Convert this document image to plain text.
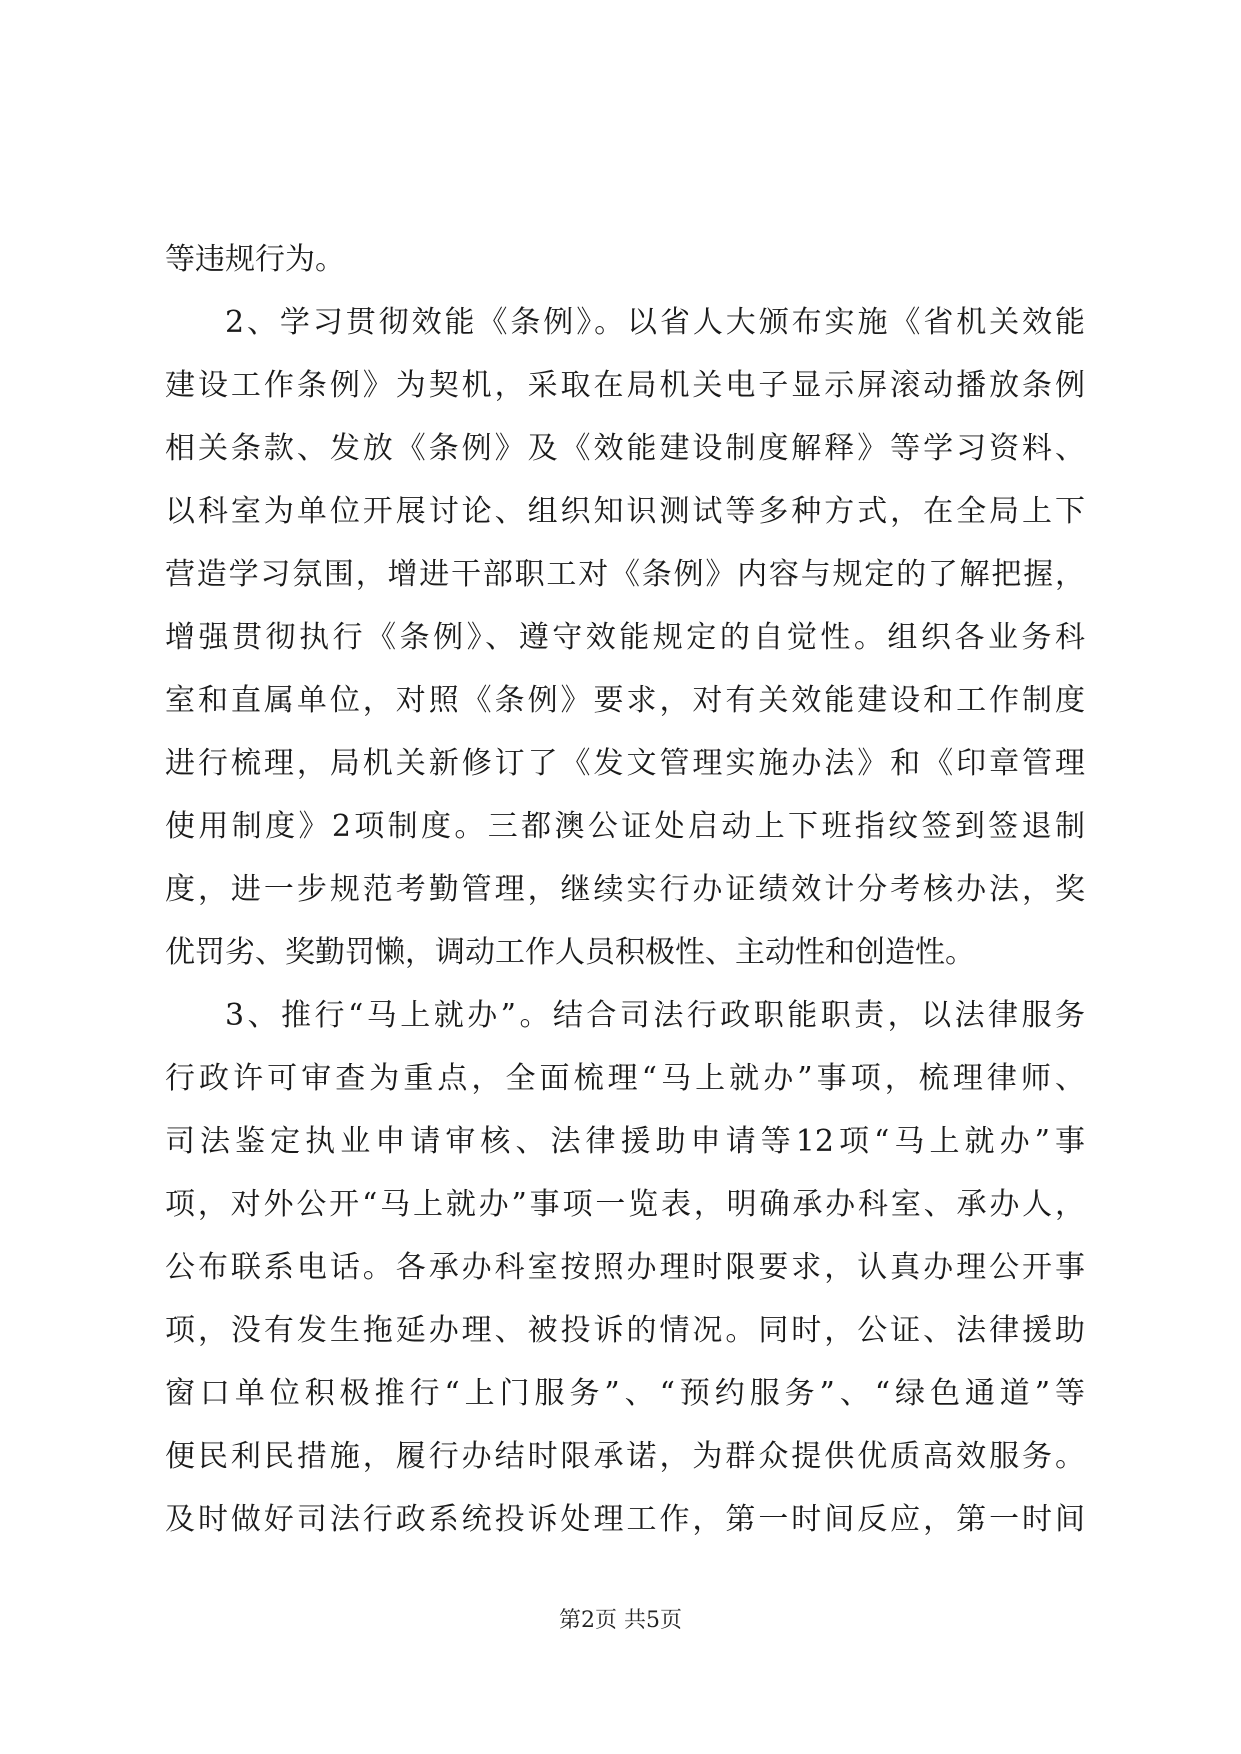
等违规行为。
2、学习贯彻效能《条例》。以省人大颁布实施《省机关效能
建设工作条例》为契机，采取在局机关电子显示屏滚动播放条例
相关条款、发放《条例》及《效能建设制度解释》等学习资料、
以科室为单位开展讨论、组织知识测试等多种方式，在全局上下
营造学习氛围，增进干部职工对《条例》内容与规定的了解把握，
增强贯彻执行《条例》、遵守效能规定的自觉性。组织各业务科
室和直属单位，对照《条例》要求，对有关效能建设和工作制度
进行梳理，局机关新修订了《发文管理实施办法》和《印章管理
使用制度》2项制度。三都澳公证处启动上下班指纹签到签退制
度，进一步规范考勤管理，继续实行办证绩效计分考核办法，奖
优罚劣、奖勤罚懒，调动工作人员积极性、主动性和创造性。
3、推行“马上就办”。结合司法行政职能职责，以法律服务
行政许可审查为重点，全面梳理“马上就办”事项，梳理律师、
司法鉴定执业申请审核、法律援助申请等12项“马上就办”事
项，对外公开“马上就办”事项一览表，明确承办科室、承办人，
公布联系电话。各承办科室按照办理时限要求，认真办理公开事
项，没有发生拖延办理、被投诉的情况。同时，公证、法律援助
窗口单位积极推行“上门服务”、“预约服务”、“绿色通道”等
便民利民措施，履行办结时限承诺，为群众提供优质高效服务。
及时做好司法行政系统投诉处理工作，第一时间反应，第一时间
第2页 共5页
